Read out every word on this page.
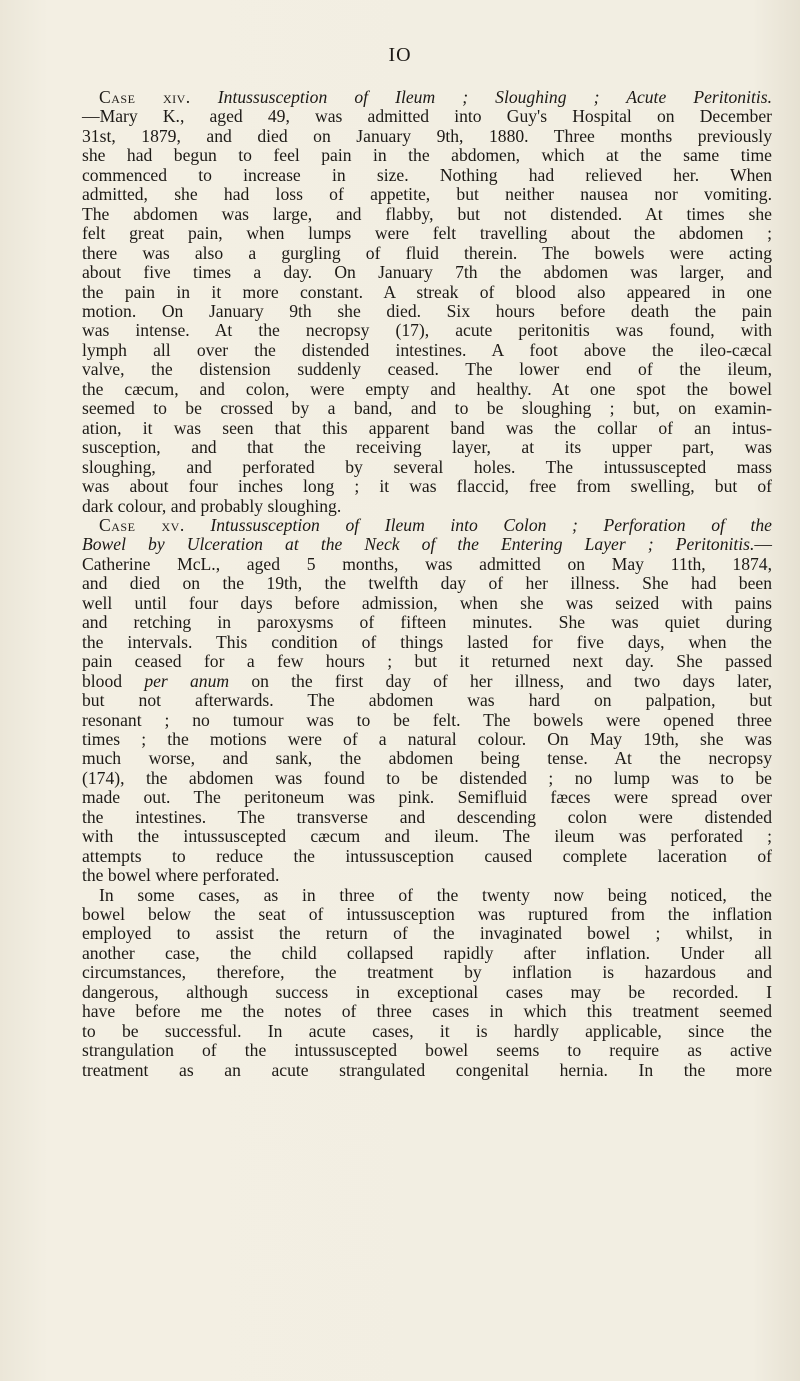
IO
Case xiv. Intussusception of Ileum ; Sloughing ; Acute Peritonitis.
—Mary K., aged 49, was admitted into Guy's Hospital on December
31st, 1879, and died on January 9th, 1880. Three months previously
she had begun to feel pain in the abdomen, which at the same time
commenced to increase in size. Nothing had relieved her. When
admitted, she had loss of appetite, but neither nausea nor vomiting.
The abdomen was large, and flabby, but not distended. At times she
felt great pain, when lumps were felt travelling about the abdomen ;
there was also a gurgling of fluid therein. The bowels were acting
about five times a day. On January 7th the abdomen was larger, and
the pain in it more constant. A streak of blood also appeared in one
motion. On January 9th she died. Six hours before death the pain
was intense. At the necropsy (17), acute peritonitis was found, with
lymph all over the distended intestines. A foot above the ileo-cæcal
valve, the distension suddenly ceased. The lower end of the ileum,
the cæcum, and colon, were empty and healthy. At one spot the bowel
seemed to be crossed by a band, and to be sloughing ; but, on examin-
ation, it was seen that this apparent band was the collar of an intus-
susception, and that the receiving layer, at its upper part, was
sloughing, and perforated by several holes. The intussuscepted mass
was about four inches long ; it was flaccid, free from swelling, but of
dark colour, and probably sloughing.
Case xv. Intussusception of Ileum into Colon ; Perforation of the
Bowel by Ulceration at the Neck of the Entering Layer ; Peritonitis.—
Catherine McL., aged 5 months, was admitted on May 11th, 1874,
and died on the 19th, the twelfth day of her illness. She had been
well until four days before admission, when she was seized with pains
and retching in paroxysms of fifteen minutes. She was quiet during
the intervals. This condition of things lasted for five days, when the
pain ceased for a few hours ; but it returned next day. She passed
blood per anum on the first day of her illness, and two days later,
but not afterwards. The abdomen was hard on palpation, but
resonant ; no tumour was to be felt. The bowels were opened three
times ; the motions were of a natural colour. On May 19th, she was
much worse, and sank, the abdomen being tense. At the necropsy
(174), the abdomen was found to be distended ; no lump was to be
made out. The peritoneum was pink. Semifluid fæces were spread over
the intestines. The transverse and descending colon were distended
with the intussuscepted cæcum and ileum. The ileum was perforated ;
attempts to reduce the intussusception caused complete laceration of
the bowel where perforated.
In some cases, as in three of the twenty now being noticed, the
bowel below the seat of intussusception was ruptured from the inflation
employed to assist the return of the invaginated bowel ; whilst, in
another case, the child collapsed rapidly after inflation. Under all
circumstances, therefore, the treatment by inflation is hazardous and
dangerous, although success in exceptional cases may be recorded. I
have before me the notes of three cases in which this treatment seemed
to be successful. In acute cases, it is hardly applicable, since the
strangulation of the intussuscepted bowel seems to require as active
treatment as an acute strangulated congenital hernia. In the more
